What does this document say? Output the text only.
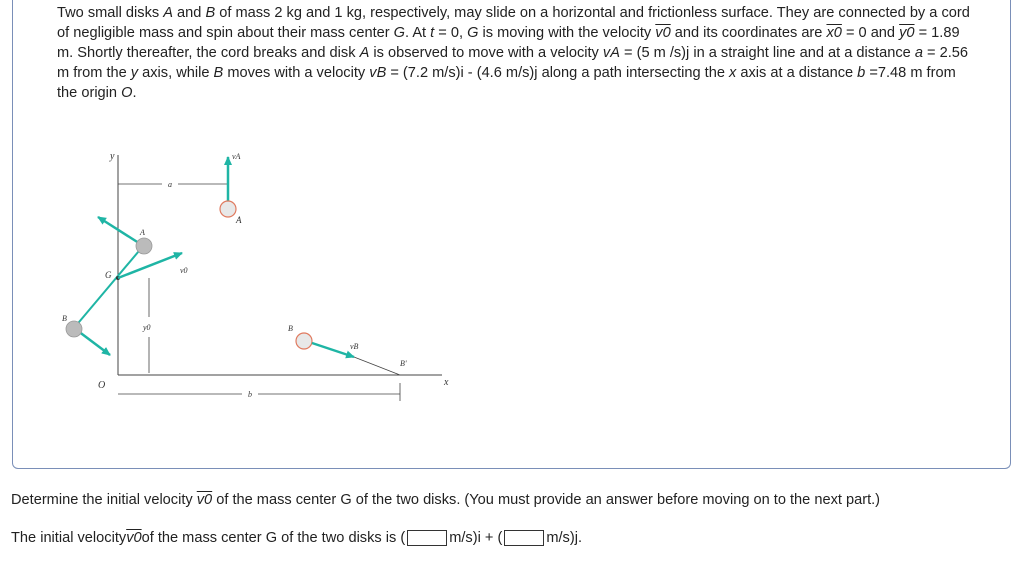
Two small disks A and B of mass 2 kg and 1 kg, respectively, may slide on a horizontal and frictionless surface. They are connected by a cord of negligible mass and spin about their mass center G. At t = 0, G is moving with the velocity v0 and its coordinates are x0 = 0 and y0 = 1.89 m. Shortly thereafter, the cord breaks and disk A is observed to move with a velocity vA = (5 m /s)j in a straight line and at a distance a = 2.56 m from the y axis, while B moves with a velocity vB = (7.2 m/s)i - (4.6 m/s)j along a path intersecting the x axis at a distance b =7.48 m from the origin O.

y
x
O
a
vA
A
A
G	v0
B
y0	B
vB
B'
b
Determine the initial velocity v0 of the mass center G of the two disks. (You must provide an answer before moving on to the next part.)
The initial velocity v0 of the mass center G of the two disks is (	m/s)i + (	m/s)j.
